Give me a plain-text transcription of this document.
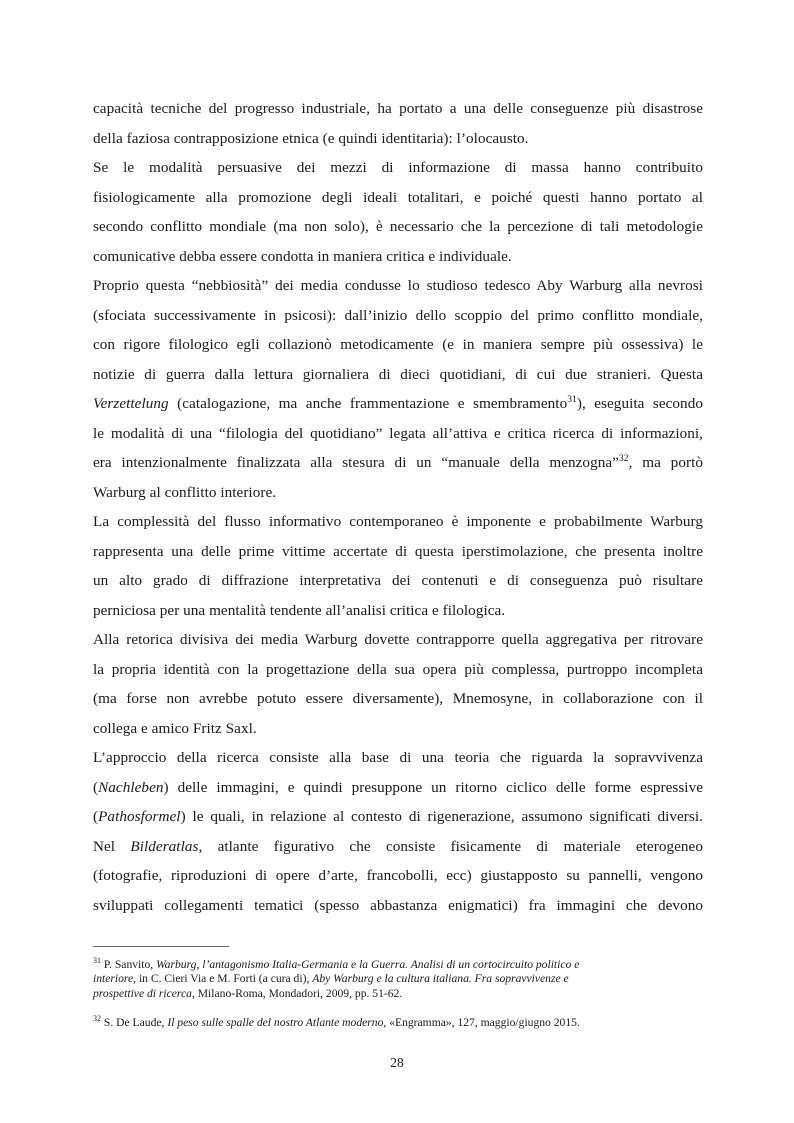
capacità tecniche del progresso industriale, ha portato a una delle conseguenze più disastrose
della faziosa contrapposizione etnica (e quindi identitaria): l’olocausto.
Se le modalità persuasive dei mezzi di informazione di massa hanno contribuito
fisiologicamente alla promozione degli ideali totalitari, e poiché questi hanno portato al
secondo conflitto mondiale (ma non solo), è necessario che la percezione di tali metodologie
comunicative debba essere condotta in maniera critica e individuale.
Proprio questa “nebbiosità” dei media condusse lo studioso tedesco Aby Warburg alla nevrosi
(sfociata successivamente in psicosi): dall’inizio dello scoppio del primo conflitto mondiale,
con rigore filologico egli collazionò metodicamente (e in maniera sempre più ossessiva) le
notizie di guerra dalla lettura giornaliera di dieci quotidiani, di cui due stranieri. Questa
Verzettelung (catalogazione, ma anche frammentazione e smembramento$^{31}$), eseguita secondo
le modalità di una “filologia del quotidiano” legata all’attiva e critica ricerca di informazioni,
era intenzionalmente finalizzata alla stesura di un “manuale della menzogna”$^{32}$, ma portò
Warburg al conflitto interiore.
La complessità del flusso informativo contemporaneo è imponente e probabilmente Warburg
rappresenta una delle prime vittime accertate di questa iperstimolazione, che presenta inoltre
un alto grado di diffrazione interpretativa dei contenuti e di conseguenza può risultare
perniciosa per una mentalità tendente all’analisi critica e filologica.
Alla retorica divisiva dei media Warburg dovette contrapporre quella aggregativa per ritrovare
la propria identità con la progettazione della sua opera più complessa, purtroppo incompleta
(ma forse non avrebbe potuto essere diversamente), Mnemosyne, in collaborazione con il
collega e amico Fritz Saxl.
L’approccio della ricerca consiste alla base di una teoria che riguarda la sopravvivenza
(Nachleben) delle immagini, e quindi presuppone un ritorno ciclico delle forme espressive
(Pathosformel) le quali, in relazione al contesto di rigenerazione, assumono significati diversi.
Nel Bilderatlas, atlante figurativo che consiste fisicamente di materiale eterogeneo
(fotografie, riproduzioni di opere d’arte, francobolli, ecc) giustapposto su pannelli, vengono
sviluppati collegamenti tematici (spesso abbastanza enigmatici) fra immagini che devono
$^{31}$ P. Sanvito, Warburg, l’antagonismo Italia-Germania e la Guerra. Analisi di un cortocircuito politico e
interiore, in C. Cieri Via e M. Forti (a cura di), Aby Warburg e la cultura italiana. Fra sopravvivenze e
prospettive di ricerca, Milano-Roma, Mondadori, 2009, pp. 51-62.
$^{32}$ S. De Laude, Il peso sulle spalle del nostro Atlante moderno, «Engramma», 127, maggio/giugno 2015.
28
